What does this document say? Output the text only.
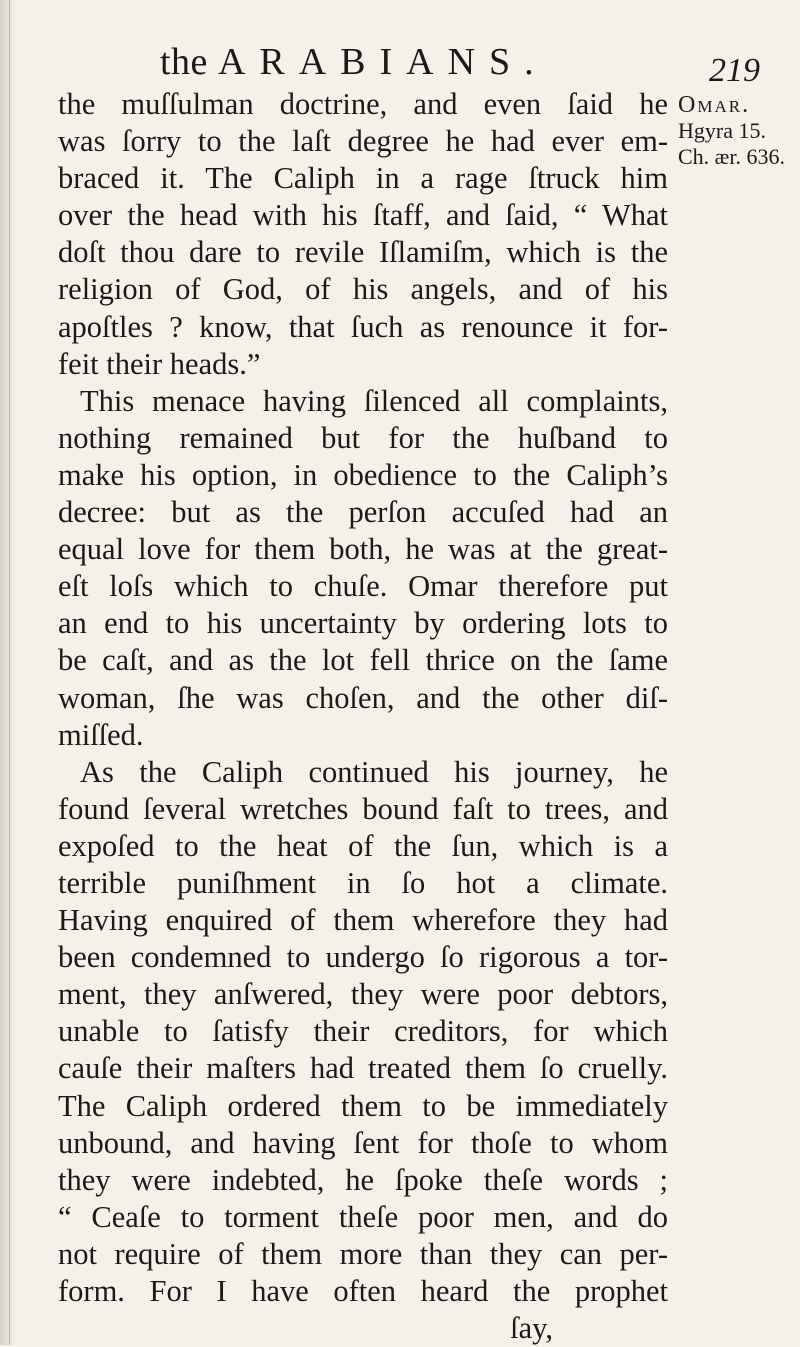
the ARABIANS.	219
Omar.
Hgyra 15.
Ch. ær. 636.
the muſſulman doctrine, and even ſaid he
was ſorry to the laſt degree he had ever em-
braced it. The Caliph in a rage ſtruck him
over the head with his ſtaff, and ſaid, “ What
doſt thou dare to revile Iſlamiſm, which is the
religion of God, of his angels, and of his
apoſtles ? know, that ſuch as renounce it for-
feit their heads.”
This menace having ſilenced all complaints,
nothing remained but for the huſband to
make his option, in obedience to the Caliph’s
decree: but as the perſon accuſed had an
equal love for them both, he was at the great-
eſt loſs which to chuſe. Omar therefore put
an end to his uncertainty by ordering lots to
be caſt, and as the lot fell thrice on the ſame
woman, ſhe was choſen, and the other diſ-
miſſed.
As the Caliph continued his journey, he
found ſeveral wretches bound faſt to trees, and
expoſed to the heat of the ſun, which is a
terrible puniſhment in ſo hot a climate.
Having enquired of them wherefore they had
been condemned to undergo ſo rigorous a tor-
ment, they anſwered, they were poor debtors,
unable to ſatisfy their creditors, for which
cauſe their maſters had treated them ſo cruelly.
The Caliph ordered them to be immediately
unbound, and having ſent for thoſe to whom
they were indebted, he ſpoke theſe words ;
“ Ceaſe to torment theſe poor men, and do
not require of them more than they can per-
form. For I have often heard the prophet
ſay,
